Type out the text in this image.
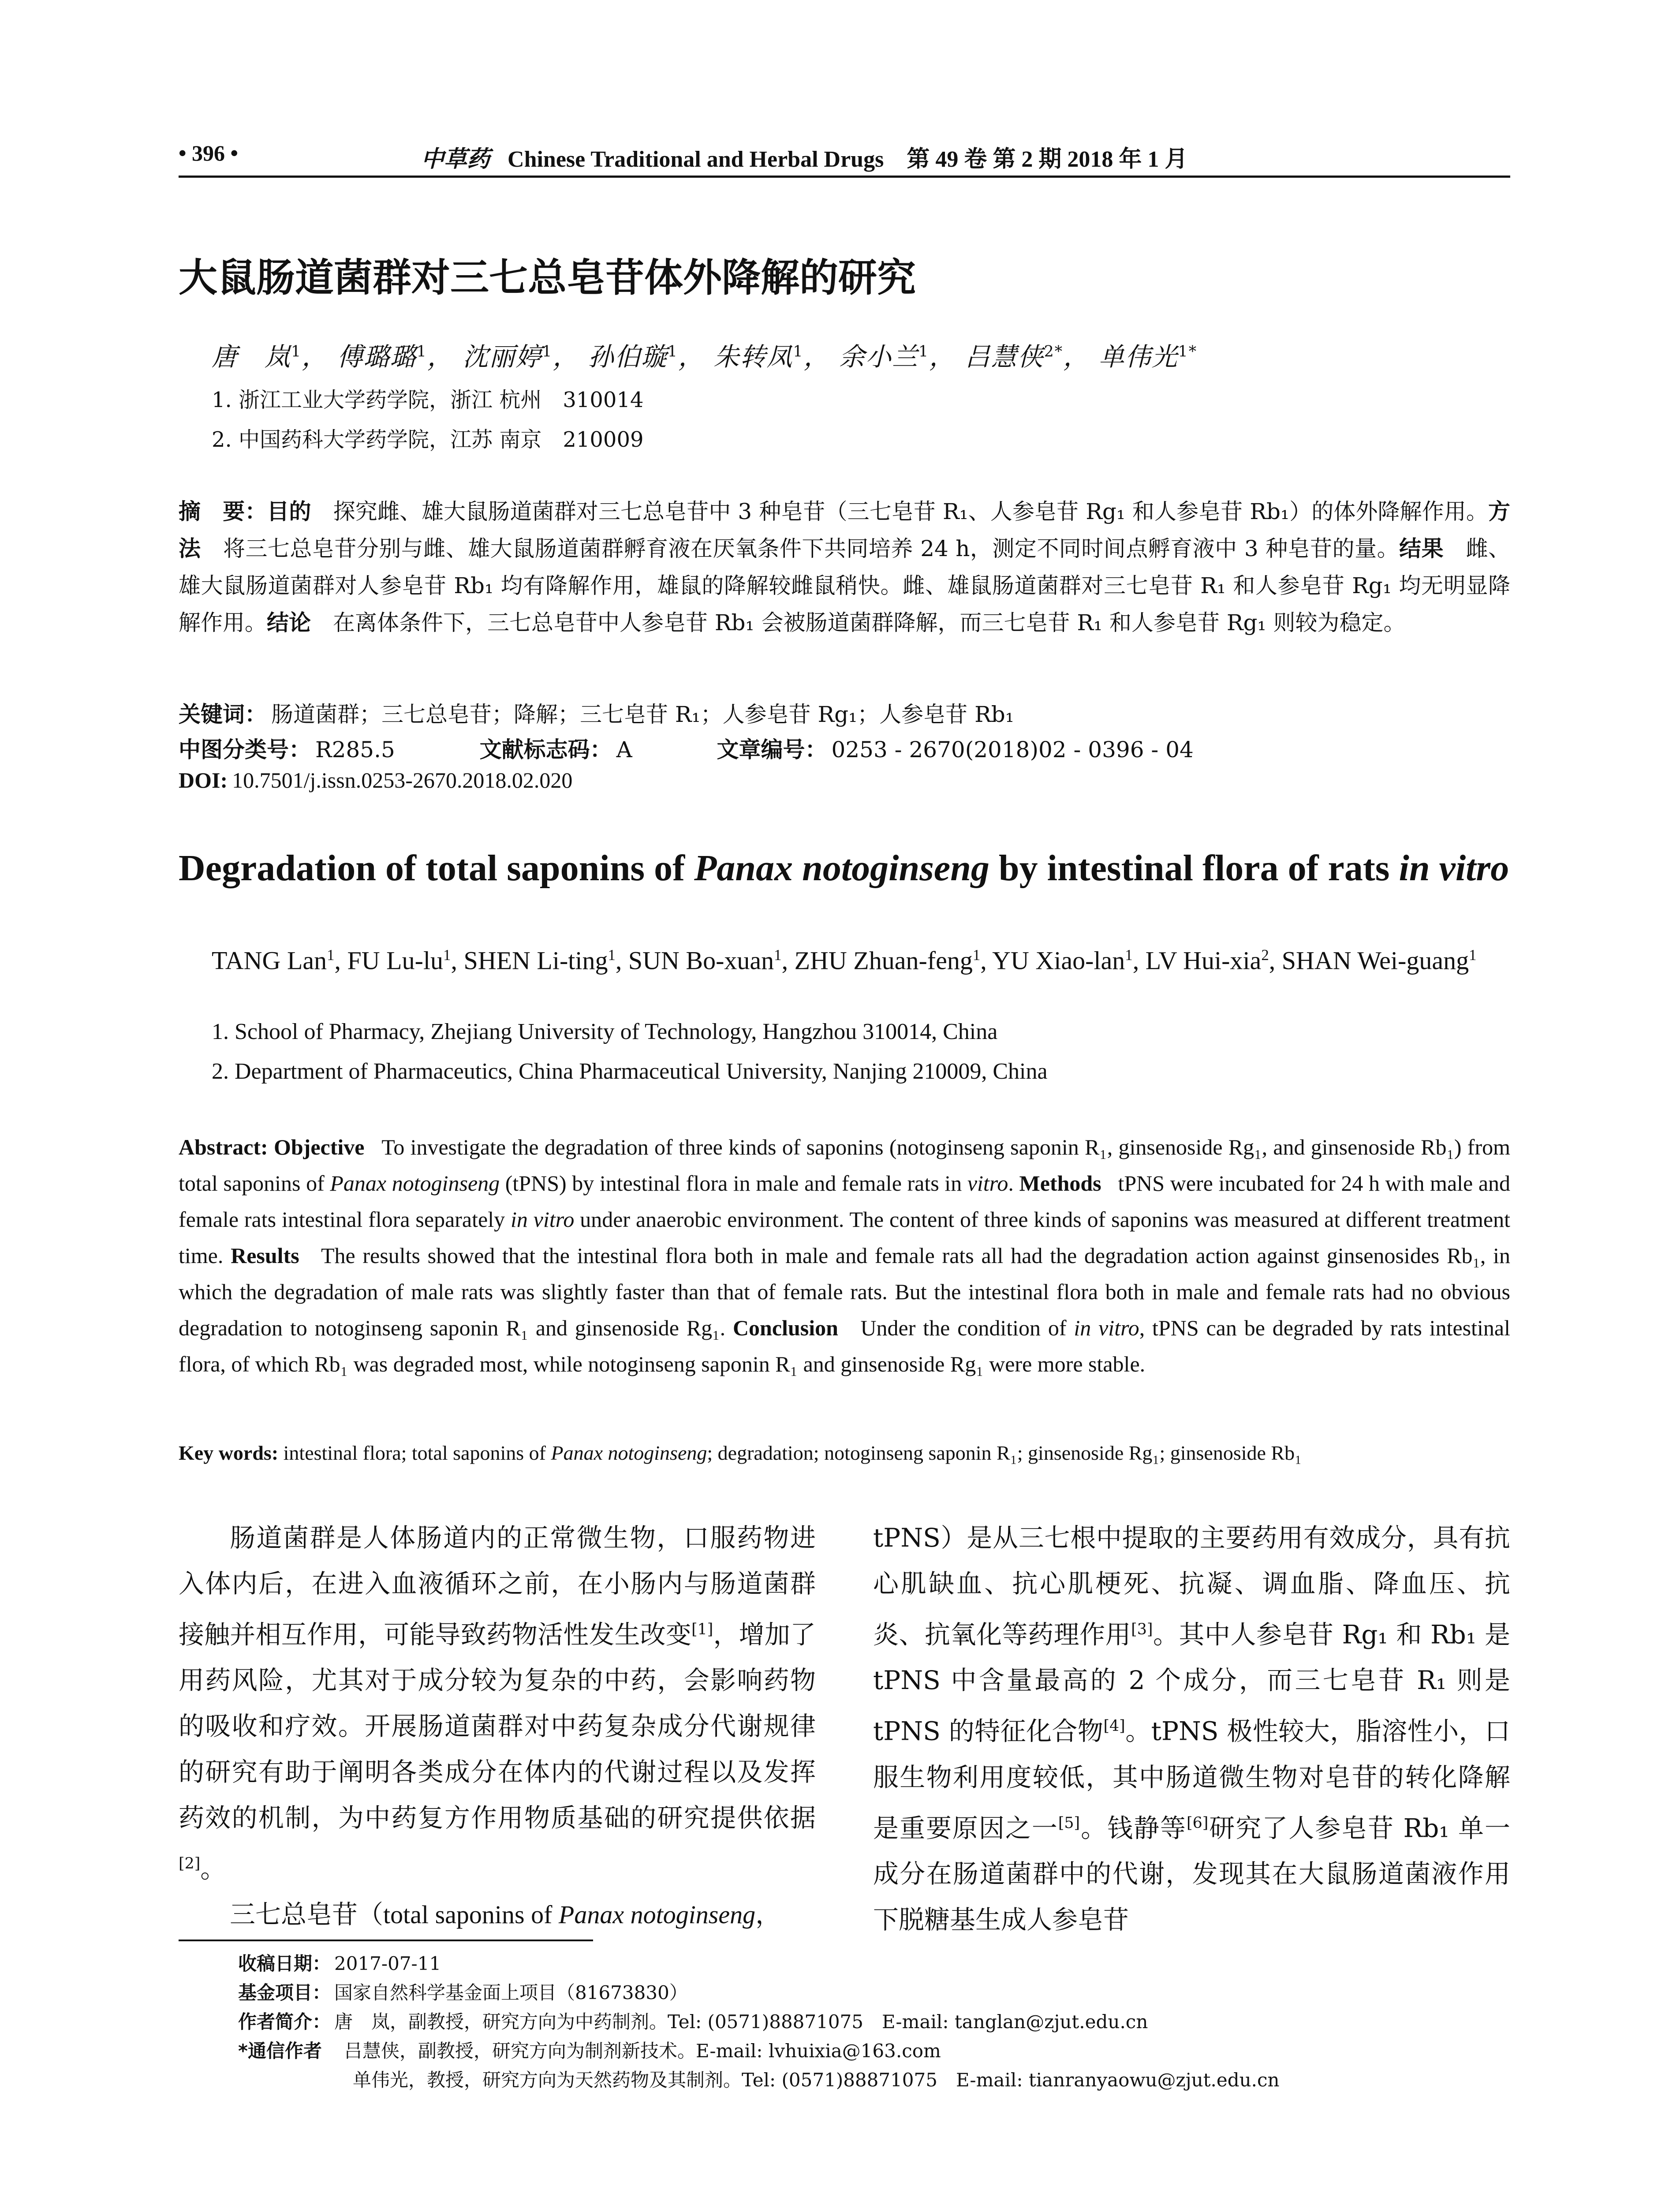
• 396 •	中草药 Chinese Traditional and Herbal Drugs　 第 49 卷 第 2 期 2018 年 1 月
大鼠肠道菌群对三七总皂苷体外降解的研究
唐　岚$^1$， 傅璐璐$^1$， 沈丽婷$^1$， 孙伯璇$^1$， 朱转凤$^1$， 余小兰$^1$， 吕慧侠$^{2*}$， 单伟光$^{1*}$
1. 浙江工业大学药学院，浙江 杭州　310014
2. 中国药科大学药学院，江苏 南京　210009
摘　要：目的　 探究雌、雄大鼠肠道菌群对三七总皂苷中 3 种皂苷（三七皂苷 R₁、人参皂苷 Rg₁ 和人参皂苷 Rb₁）的体外降解作用。方法　 将三七总皂苷分别与雌、雄大鼠肠道菌群孵育液在厌氧条件下共同培养 24 h，测定不同时间点孵育液中 3 种皂苷的量。结果　 雌、雄大鼠肠道菌群对人参皂苷 Rb₁ 均有降解作用，雄鼠的降解较雌鼠稍快。雌、雄鼠肠道菌群对三七皂苷 R₁ 和人参皂苷 Rg₁ 均无明显降解作用。结论　 在离体条件下，三七总皂苷中人参皂苷 Rb₁ 会被肠道菌群降解，而三七皂苷 R₁ 和人参皂苷 Rg₁ 则较为稳定。
关键词： 肠道菌群；三七总皂苷；降解；三七皂苷 R₁；人参皂苷 Rg₁；人参皂苷 Rb₁
中图分类号： R285.5	文献标志码： A	文章编号： 0253 - 2670(2018)02 - 0396 - 04
DOI: 10.7501/j.issn.0253-2670.2018.02.020
Degradation of total saponins of Panax notoginseng by intestinal flora of rats in vitro
TANG Lan$^1$, FU $Lu-lu^1$, SHEN Li-ting$^1$, SUN Bo-xuan$^1$, ZHU Zhuan-feng$^1$, YU Xiao-lan$^1$, LV Hui-xia$^2$, SHAN Wei-guang$^1$
1. School of Pharmacy, Zhejiang University of Technology, Hangzhou 310014, China
2. Department of Pharmaceutics, China Pharmaceutical University, Nanjing 210009, China
Abstract: Objective To investigate the degradation of three kinds of saponins (notoginseng saponin R₁, ginsenoside Rg₁, and ginsenoside Rb₁) from total saponins of Panax notoginseng (tPNS) by intestinal flora in male and female rats in vitro. Methods tPNS were incubated for 24 h with male and female rats intestinal flora separately in vitro under anaerobic environment. The content of three kinds of saponins was measured at different treatment time. Results The results showed that the intestinal flora both in male and female rats all had the degradation action against ginsenosides Rb₁, in which the degradation of male rats was slightly faster than that of female rats. But the intestinal flora both in male and female rats had no obvious degradation to notoginseng saponin R₁ and ginsenoside Rg₁. Conclusion Under the condition of in vitro, tPNS can be degraded by rats intestinal flora, of which Rb₁ was degraded most, while notoginseng saponin R₁ and ginsenoside Rg₁ were more stable.
Key words: intestinal flora; total saponins of Panax notoginseng; degradation; notoginseng saponin R₁; ginsenoside Rg₁; ginsenoside Rb₁

肠道菌群是人体肠道内的正常微生物，口服药物进入体内后，在进入血液循环之前，在小肠内与肠道菌群接触并相互作用，可能导致药物活性发生改变[1]，增加了用药风险，尤其对于成分较为复杂的中药，会影响药物的吸收和疗效。开展肠道菌群对中药复杂成分代谢规律的研究有助于阐明各类成分在体内的代谢过程以及发挥药效的机制，为中药复方作用物质基础的研究提供依据[2]。

三七总皂苷（total saponins of Panax notoginseng，

tPNS）是从三七根中提取的主要药用有效成分，具有抗心肌缺血、抗心肌梗死、抗凝、调血脂、降血压、抗炎、抗氧化等药理作用[3]。其中人参皂苷 Rg₁ 和 Rb₁ 是 tPNS 中含量最高的 2 个成分，而三七皂苷 R₁ 则是 tPNS 的特征化合物[4]。tPNS 极性较大，脂溶性小，口服生物利用度较低，其中肠道微生物对皂苷的转化降解是重要原因之一[5]。钱静等[6]研究了人参皂苷 Rb₁ 单一成分在肠道菌群中的代谢，发现其在大鼠肠道菌液作用下脱糖基生成人参皂苷

收稿日期： 2017-07-11
基金项目： 国家自然科学基金面上项目（81673830）
作者简介： 唐　岚，副教授，研究方向为中药制剂。Tel: (0571)88871075　E-mail: tanglan@zjut.edu.cn
*通信作者　 吕慧侠，副教授，研究方向为制剂新技术。E-mail: lvhuixia@163.com
单伟光，教授，研究方向为天然药物及其制剂。Tel: (0571)88871075　E-mail: tianranyaowu@zjut.edu.cn
